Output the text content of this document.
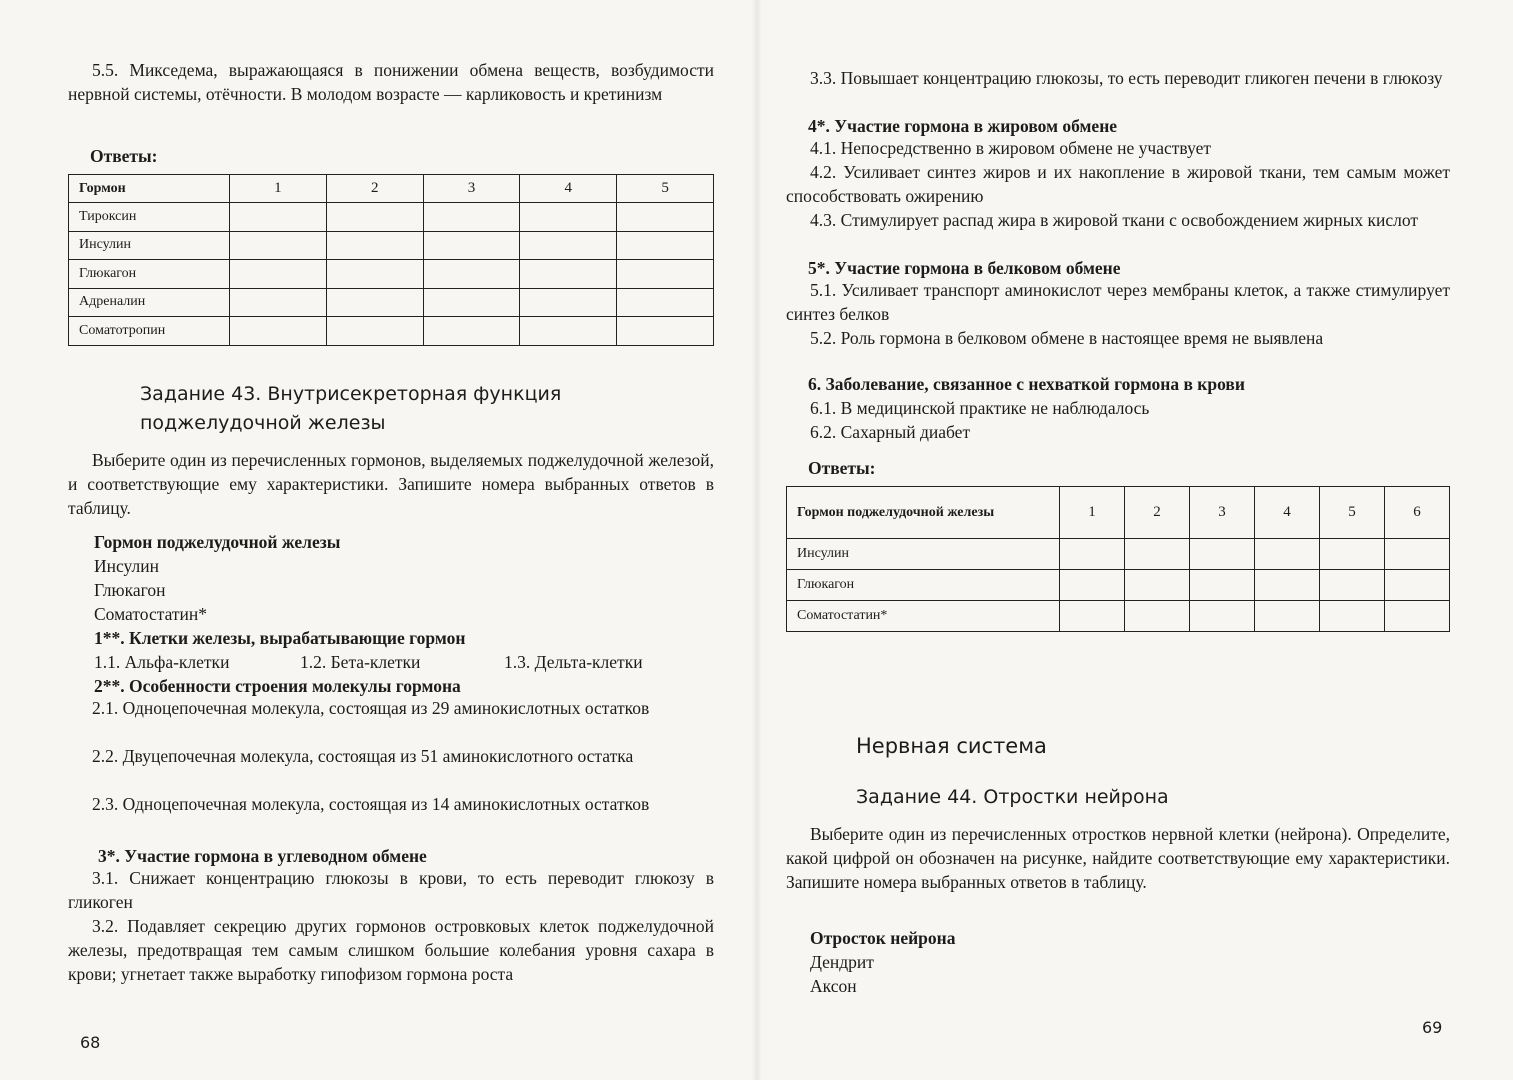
5.5. Микседема, выражающаяся в понижении обмена веществ, возбудимости нервной системы, отёчности. В молодом возрасте — карликовость и кретинизм
Ответы:
Гормон	1	2	3	4	5
Тироксин					
Инсулин					
Глюкагон					
Адреналин					
Соматотропин					
Задание 43. Внутрисекреторная функция
поджелудочной железы
Выберите один из перечисленных гормонов, выделяемых поджелудочной железой, и соответствующие ему характеристики. Запишите номера выбранных ответов в таблицу.
Гормон поджелудочной железы
Инсулин
Глюкагон
Соматостатин*
1**. Клетки железы, вырабатывающие гормон
1.1. Альфа-клетки	1.2. Бета-клетки	1.3. Дельта-клетки
2**. Особенности строения молекулы гормона
2.1. Одноцепочечная молекула, состоящая из 29 аминокислотных остатков
2.2. Двуцепочечная молекула, состоящая из 51 аминокислотного остатка
2.3. Одноцепочечная молекула, состоящая из 14 аминокислотных остатков
3*. Участие гормона в углеводном обмене
3.1. Снижает концентрацию глюкозы в крови, то есть переводит глюкозу в гликоген
3.2. Подавляет секрецию других гормонов островковых клеток поджелудочной железы, предотвращая тем самым слишком большие колебания уровня сахара в крови; угнетает также выработку гипофизом гормона роста
68
3.3. Повышает концентрацию глюкозы, то есть переводит гликоген печени в глюкозу
4*. Участие гормона в жировом обмене
4.1. Непосредственно в жировом обмене не участвует
4.2. Усиливает синтез жиров и их накопление в жировой ткани, тем самым может способствовать ожирению
4.3. Стимулирует распад жира в жировой ткани с освобождением жирных кислот
5*. Участие гормона в белковом обмене
5.1. Усиливает транспорт аминокислот через мембраны клеток, а также стимулирует синтез белков
5.2. Роль гормона в белковом обмене в настоящее время не выявлена
6. Заболевание, связанное с нехваткой гормона в крови
6.1. В медицинской практике не наблюдалось
6.2. Сахарный диабет
Ответы:
Гормон поджелудочной железы	1	2	3	4	5	6
Инсулин						
Глюкагон						
Соматостатин*						
Нервная система
Задание 44. Отростки нейрона
Выберите один из перечисленных отростков нервной клетки (нейрона). Определите, какой цифрой он обозначен на рисунке, найдите соответствующие ему характеристики. Запишите номера выбранных ответов в таблицу.
Отросток нейрона
Дендрит
Аксон
69
